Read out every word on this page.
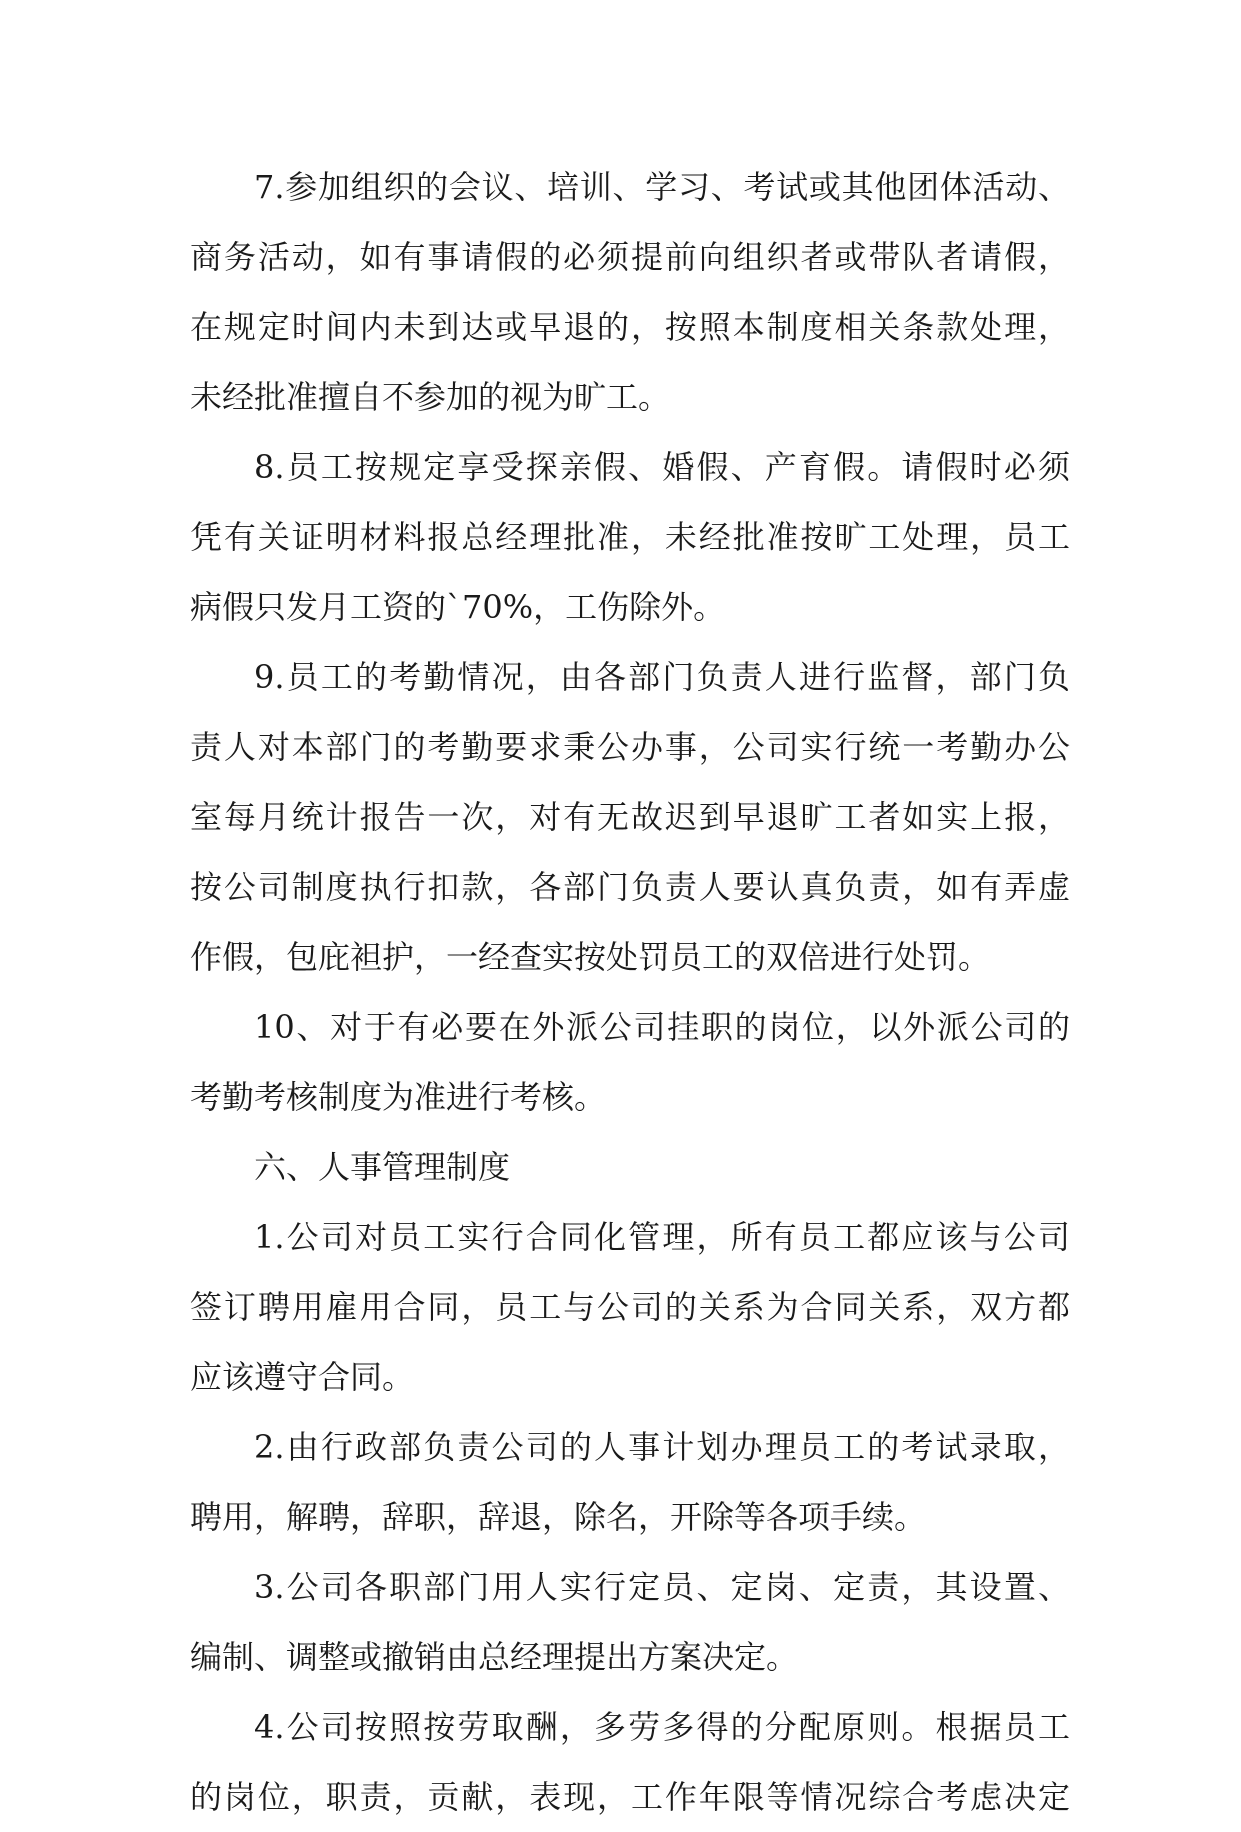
7.参加组织的会议、培训、学习、考试或其他团体活动、
商务活动，如有事请假的必须提前向组织者或带队者请假，
在规定时间内未到达或早退的，按照本制度相关条款处理，
未经批准擅自不参加的视为旷工。
8.员工按规定享受探亲假、婚假、产育假。请假时必须
凭有关证明材料报总经理批准，未经批准按旷工处理，员工
病假只发月工资的`70%，工伤除外。
9.员工的考勤情况，由各部门负责人进行监督，部门负
责人对本部门的考勤要求秉公办事，公司实行统一考勤办公
室每月统计报告一次，对有无故迟到早退旷工者如实上报，
按公司制度执行扣款，各部门负责人要认真负责，如有弄虚
作假，包庇袒护，一经查实按处罚员工的双倍进行处罚。
10、对于有必要在外派公司挂职的岗位，以外派公司的
考勤考核制度为准进行考核。
六、人事管理制度
1.公司对员工实行合同化管理，所有员工都应该与公司
签订聘用雇用合同，员工与公司的关系为合同关系，双方都
应该遵守合同。
2.由行政部负责公司的人事计划办理员工的考试录取，
聘用，解聘，辞职，辞退，除名，开除等各项手续。
3.公司各职部门用人实行定员、定岗、定责，其设置、
编制、调整或撤销由总经理提出方案决定。
4.公司按照按劳取酬，多劳多得的分配原则。根据员工
的岗位，职责，贡献，表现，工作年限等情况综合考虑决定
